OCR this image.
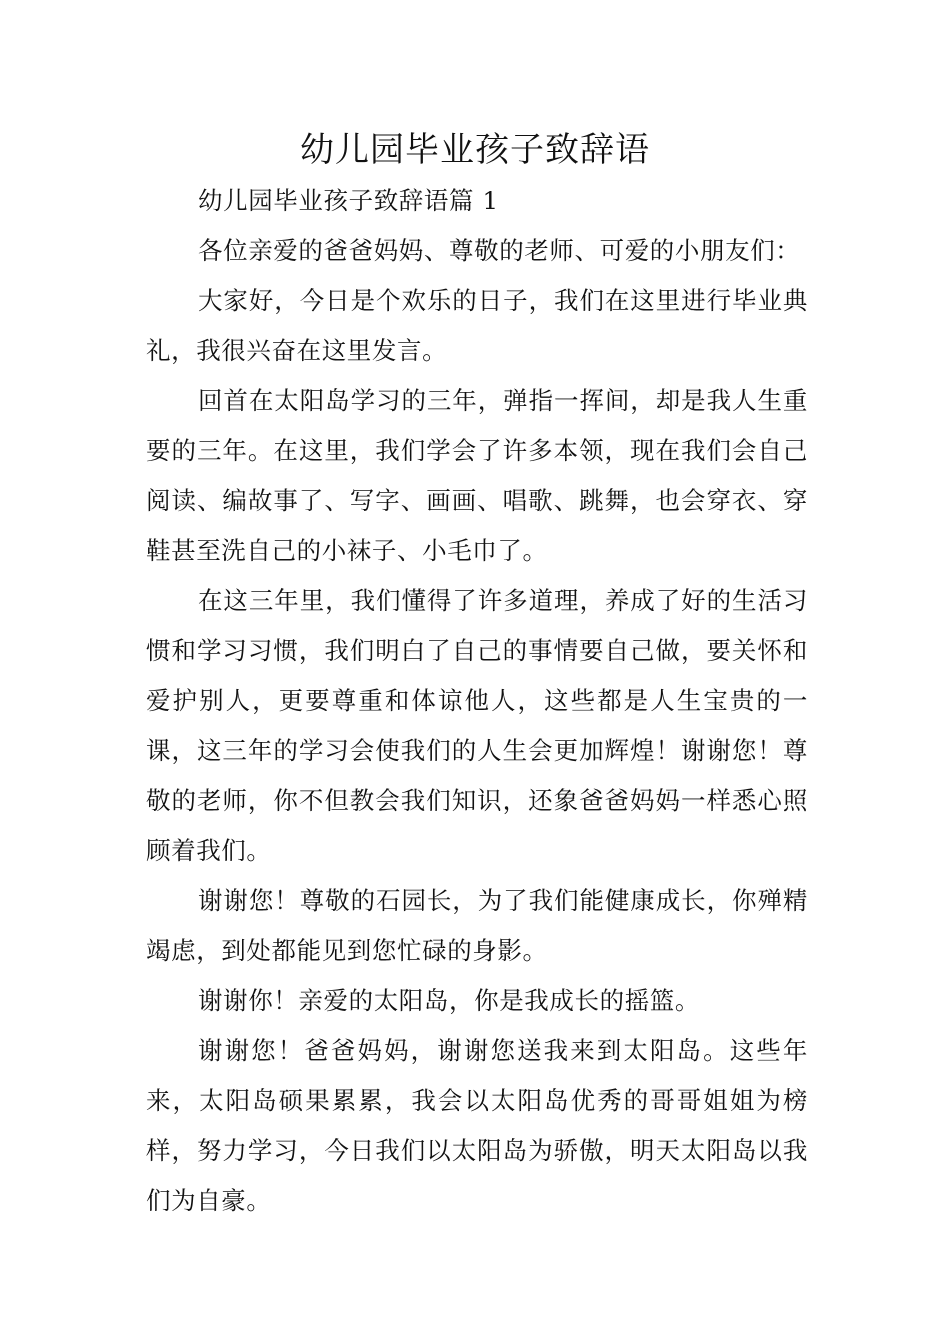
幼儿园毕业孩子致辞语

幼儿园毕业孩子致辞语篇 1

各位亲爱的爸爸妈妈、尊敬的老师、可爱的小朋友们：

大家好，今日是个欢乐的日子，我们在这里进行毕业典礼，我很兴奋在这里发言。

回首在太阳岛学习的三年，弹指一挥间，却是我人生重要的三年。在这里，我们学会了许多本领，现在我们会自己阅读、编故事了、写字、画画、唱歌、跳舞，也会穿衣、穿鞋甚至洗自己的小袜子、小毛巾了。

在这三年里，我们懂得了许多道理，养成了好的生活习惯和学习习惯，我们明白了自己的事情要自己做，要关怀和爱护别人，更要尊重和体谅他人，这些都是人生宝贵的一课，这三年的学习会使我们的人生会更加辉煌！谢谢您！尊敬的老师，你不但教会我们知识，还象爸爸妈妈一样悉心照顾着我们。

谢谢您！尊敬的石园长，为了我们能健康成长，你殚精竭虑，到处都能见到您忙碌的身影。

谢谢你！亲爱的太阳岛，你是我成长的摇篮。

谢谢您！爸爸妈妈，谢谢您送我来到太阳岛。这些年来，太阳岛硕果累累，我会以太阳岛优秀的哥哥姐姐为榜样，努力学习，今日我们以太阳岛为骄傲，明天太阳岛以我们为自豪。
